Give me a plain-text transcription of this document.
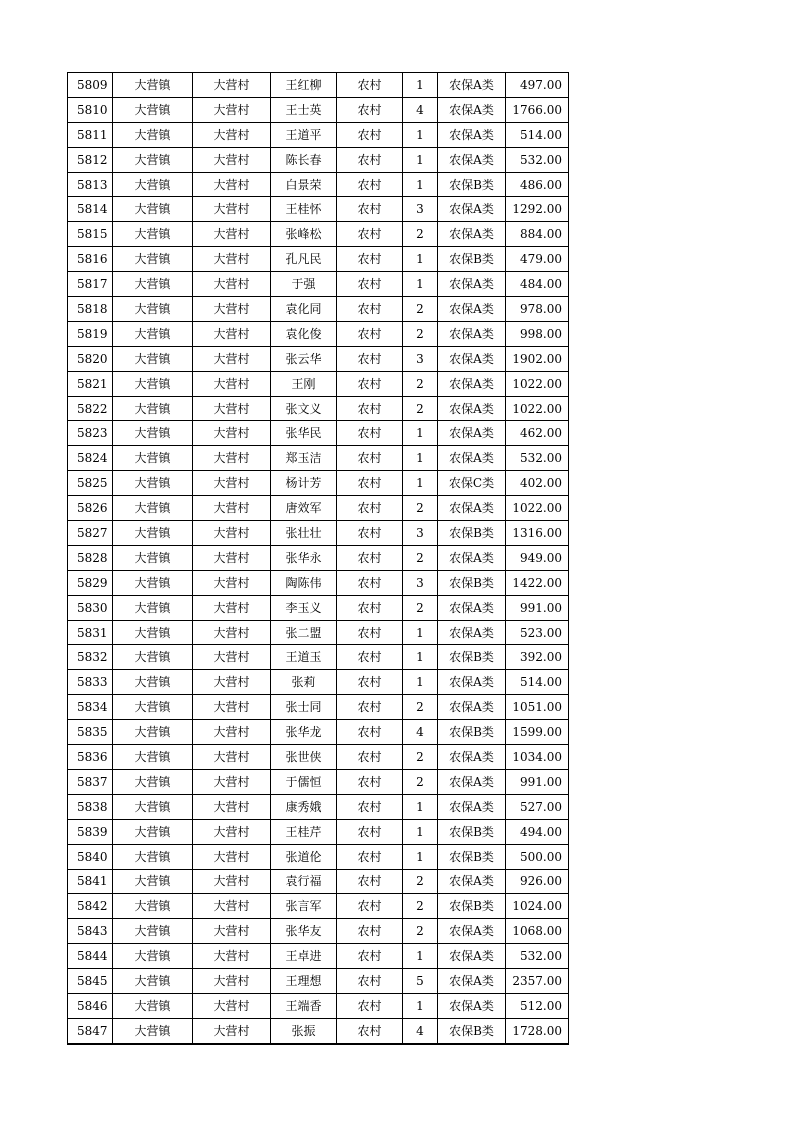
5809	大营镇	大营村	王红柳	农村	1	农保A类	497.00
5810	大营镇	大营村	王士英	农村	4	农保A类	1766.00
5811	大营镇	大营村	王道平	农村	1	农保A类	514.00
5812	大营镇	大营村	陈长春	农村	1	农保A类	532.00
5813	大营镇	大营村	白景荣	农村	1	农保B类	486.00
5814	大营镇	大营村	王桂怀	农村	3	农保A类	1292.00
5815	大营镇	大营村	张峰松	农村	2	农保A类	884.00
5816	大营镇	大营村	孔凡民	农村	1	农保B类	479.00
5817	大营镇	大营村	于强	农村	1	农保A类	484.00
5818	大营镇	大营村	袁化同	农村	2	农保A类	978.00
5819	大营镇	大营村	袁化俊	农村	2	农保A类	998.00
5820	大营镇	大营村	张云华	农村	3	农保A类	1902.00
5821	大营镇	大营村	王刚	农村	2	农保A类	1022.00
5822	大营镇	大营村	张文义	农村	2	农保A类	1022.00
5823	大营镇	大营村	张华民	农村	1	农保A类	462.00
5824	大营镇	大营村	郑玉洁	农村	1	农保A类	532.00
5825	大营镇	大营村	杨计芳	农村	1	农保C类	402.00
5826	大营镇	大营村	唐效军	农村	2	农保A类	1022.00
5827	大营镇	大营村	张壮壮	农村	3	农保B类	1316.00
5828	大营镇	大营村	张华永	农村	2	农保A类	949.00
5829	大营镇	大营村	陶陈伟	农村	3	农保B类	1422.00
5830	大营镇	大营村	李玉义	农村	2	农保A类	991.00
5831	大营镇	大营村	张二盟	农村	1	农保A类	523.00
5832	大营镇	大营村	王道玉	农村	1	农保B类	392.00
5833	大营镇	大营村	张莉	农村	1	农保A类	514.00
5834	大营镇	大营村	张士同	农村	2	农保A类	1051.00
5835	大营镇	大营村	张华龙	农村	4	农保B类	1599.00
5836	大营镇	大营村	张世侠	农村	2	农保A类	1034.00
5837	大营镇	大营村	于儒恒	农村	2	农保A类	991.00
5838	大营镇	大营村	康秀娥	农村	1	农保A类	527.00
5839	大营镇	大营村	王桂芹	农村	1	农保B类	494.00
5840	大营镇	大营村	张道伦	农村	1	农保B类	500.00
5841	大营镇	大营村	袁行福	农村	2	农保A类	926.00
5842	大营镇	大营村	张言军	农村	2	农保B类	1024.00
5843	大营镇	大营村	张华友	农村	2	农保A类	1068.00
5844	大营镇	大营村	王卓进	农村	1	农保A类	532.00
5845	大营镇	大营村	王理想	农村	5	农保A类	2357.00
5846	大营镇	大营村	王端香	农村	1	农保A类	512.00
5847	大营镇	大营村	张振	农村	4	农保B类	1728.00
